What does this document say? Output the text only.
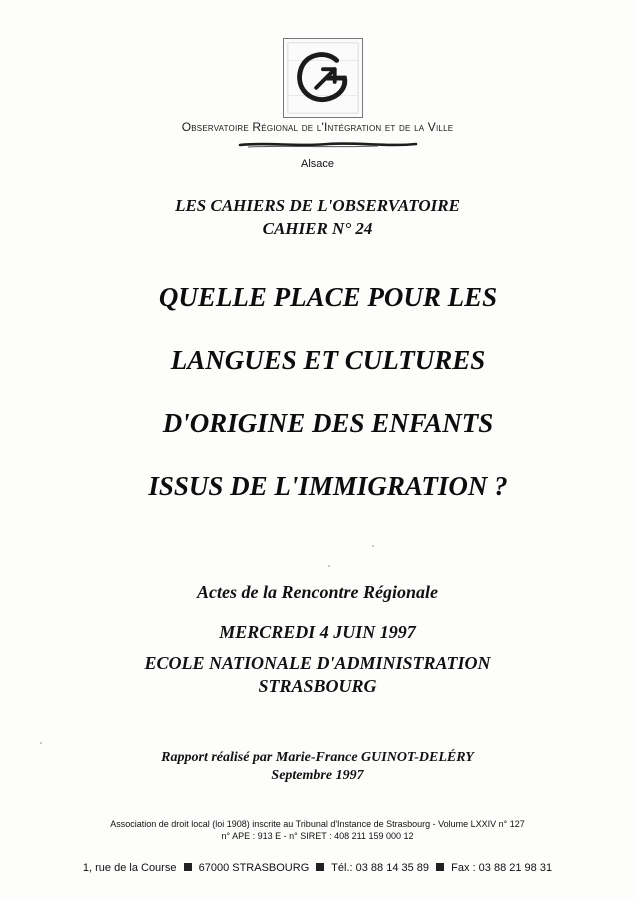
Observatoire Régional de l'Intégration et de la Ville
Alsace
LES CAHIERS DE L'OBSERVATOIRE
CAHIER N° 24
QUELLE PLACE POUR LES
LANGUES ET CULTURES
D'ORIGINE DES ENFANTS
ISSUS DE L'IMMIGRATION ?
Actes de la Rencontre Régionale
MERCREDI 4 JUIN 1997
ECOLE NATIONALE D'ADMINISTRATION
STRASBOURG
Rapport réalisé par Marie-France GUINOT-DELÉRY
Septembre 1997
Association de droit local (loi 1908) inscrite au Tribunal d'Instance de Strasbourg - Volume LXXIV n° 127
n° APE : 913 E - n° SIRET : 408 211 159 000 12
1, rue de la Course 67000 STRASBOURG Tél.: 03 88 14 35 89 Fax : 03 88 21 98 31
